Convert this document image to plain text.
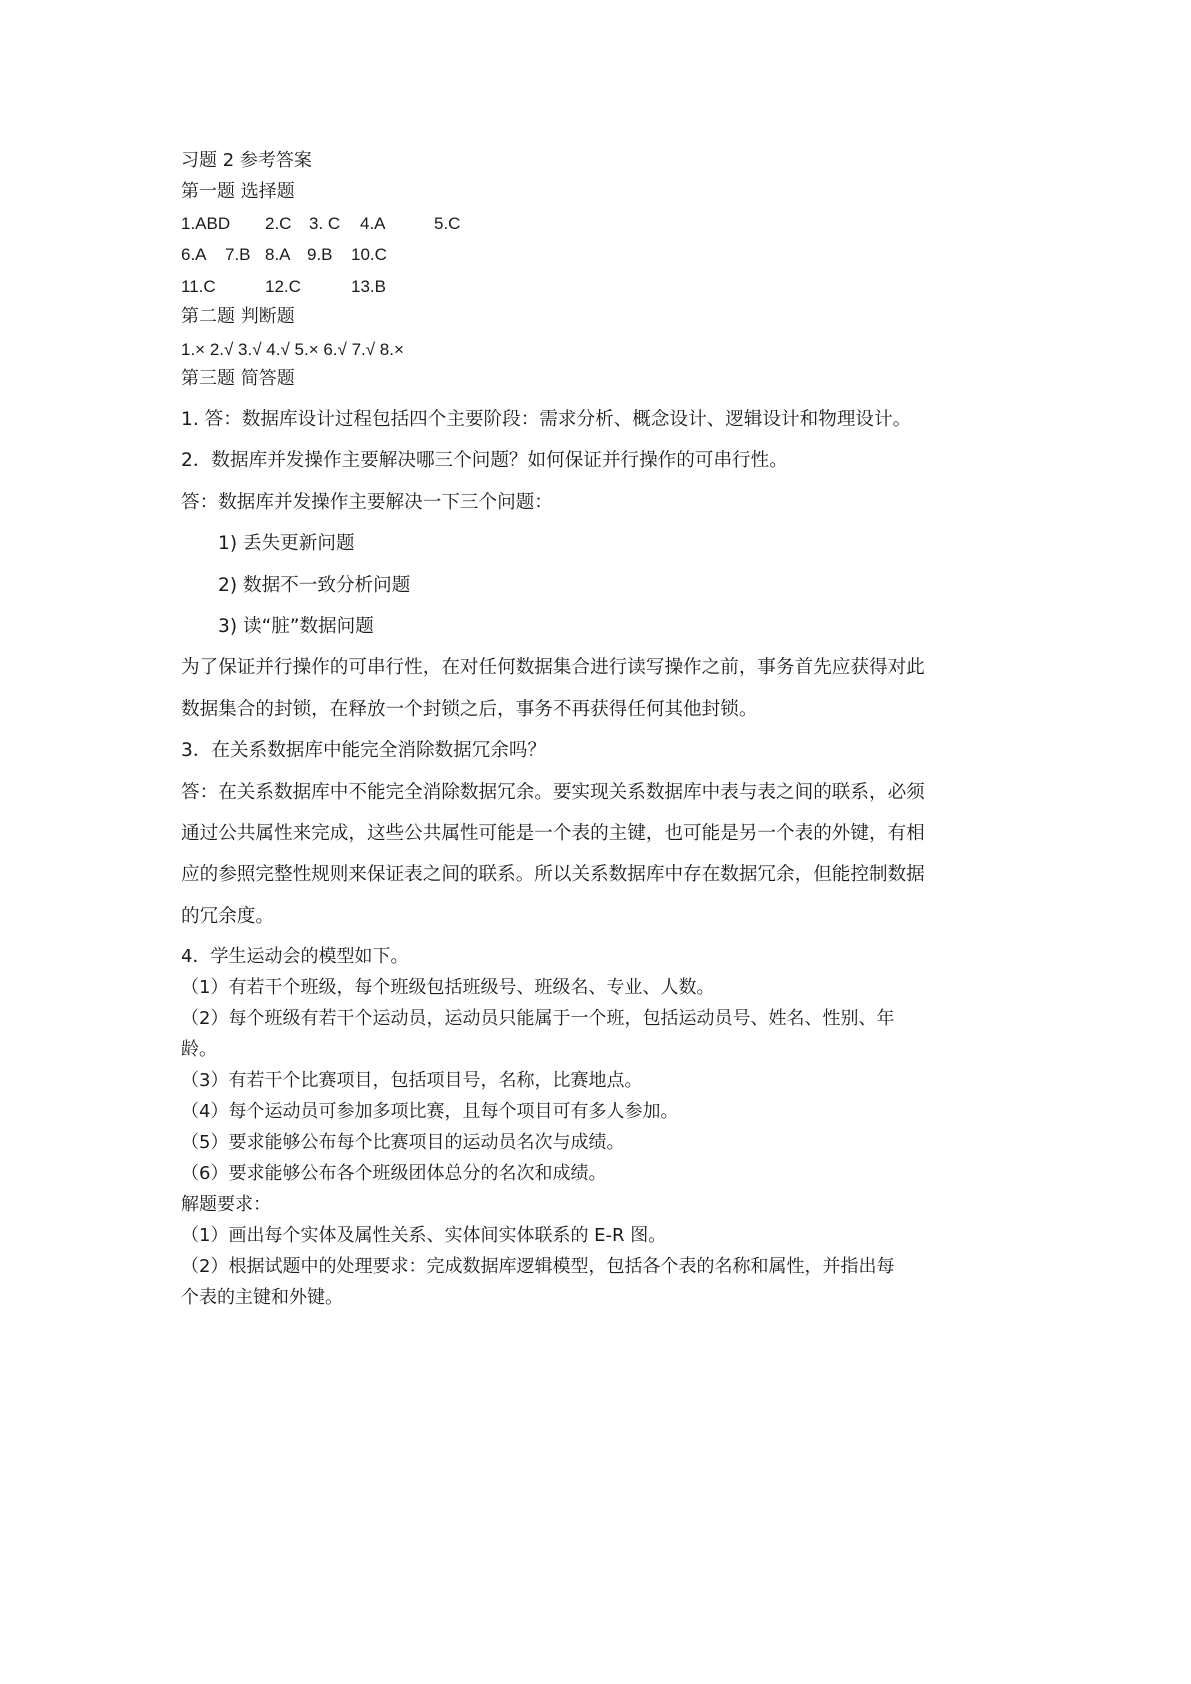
习题 2 参考答案
第一题 选择题
1.ABD 2.C 3. C 4.A	5.C
6.A 7.B 8.A 9.B 10.C
11.C	12.C	13.B
第二题 判断题
1.× 2.√ 3.√ 4.√ 5.× 6.√ 7.√ 8.×
第三题 简答题
1. 答：数据库设计过程包括四个主要阶段：需求分析、概念设计、逻辑设计和物理设计。
2．数据库并发操作主要解决哪三个问题？如何保证并行操作的可串行性。
答：数据库并发操作主要解决一下三个问题：
1) 丢失更新问题
2) 数据不一致分析问题
3) 读“脏”数据问题
为了保证并行操作的可串行性，在对任何数据集合进行读写操作之前，事务首先应获得对此
数据集合的封锁，在释放一个封锁之后，事务不再获得任何其他封锁。
3．在关系数据库中能完全消除数据冗余吗？
答：在关系数据库中不能完全消除数据冗余。要实现关系数据库中表与表之间的联系，必须
通过公共属性来完成，这些公共属性可能是一个表的主键，也可能是另一个表的外键，有相
应的参照完整性规则来保证表之间的联系。所以关系数据库中存在数据冗余，但能控制数据
的冗余度。
4．学生运动会的模型如下。
（1）有若干个班级，每个班级包括班级号、班级名、专业、人数。
（2）每个班级有若干个运动员，运动员只能属于一个班，包括运动员号、姓名、性别、年
龄。
（3）有若干个比赛项目，包括项目号，名称，比赛地点。
（4）每个运动员可参加多项比赛，且每个项目可有多人参加。
（5）要求能够公布每个比赛项目的运动员名次与成绩。
（6）要求能够公布各个班级团体总分的名次和成绩。
解题要求：
（1）画出每个实体及属性关系、实体间实体联系的 E-R 图。
（2）根据试题中的处理要求：完成数据库逻辑模型，包括各个表的名称和属性，并指出每
个表的主键和外键。
